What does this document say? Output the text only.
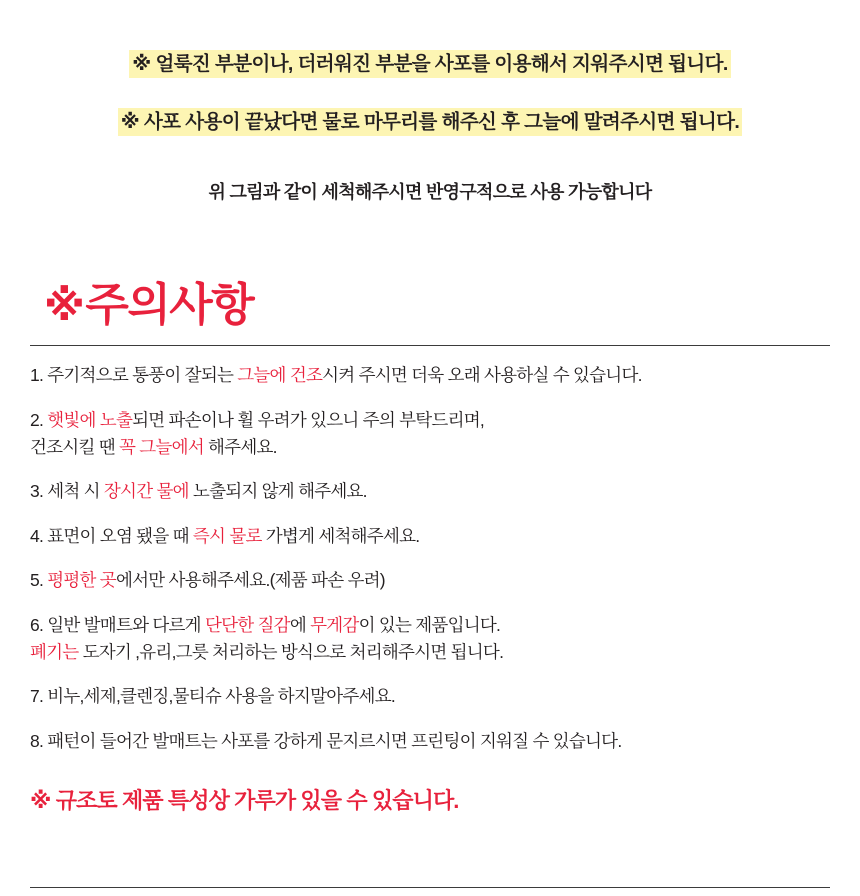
※ 얼룩진 부분이나, 더러워진 부분을 사포를 이용해서 지워주시면 됩니다.
※ 사포 사용이 끝났다면 물로 마무리를 해주신 후 그늘에 말려주시면 됩니다.
위 그림과 같이 세척해주시면 반영구적으로 사용 가능합니다
※ 주의사항
1. 주기적으로 통풍이 잘되는 그늘에 건조시켜 주시면 더욱 오래 사용하실 수 있습니다.
2. 햇빛에 노출되면 파손이나 휠 우려가 있으니 주의 부탁드리며,
건조시킬 땐 꼭 그늘에서 해주세요.
3. 세척 시 장시간 물에 노출되지 않게 해주세요.
4. 표면이 오염 됐을 때 즉시 물로 가볍게 세척해주세요.
5. 평평한 곳에서만 사용해주세요.(제품 파손 우려)
6. 일반 발매트와 다르게 단단한 질감에 무게감이 있는 제품입니다.
폐기는 도자기 ,유리,그릇 처리하는 방식으로 처리해주시면 됩니다.
7. 비누,세제,클렌징,물티슈 사용을 하지말아주세요.
8. 패턴이 들어간 발매트는 사포를 강하게 문지르시면 프린팅이 지워질 수 있습니다.
※ 규조토 제품 특성상 가루가 있을 수 있습니다.
